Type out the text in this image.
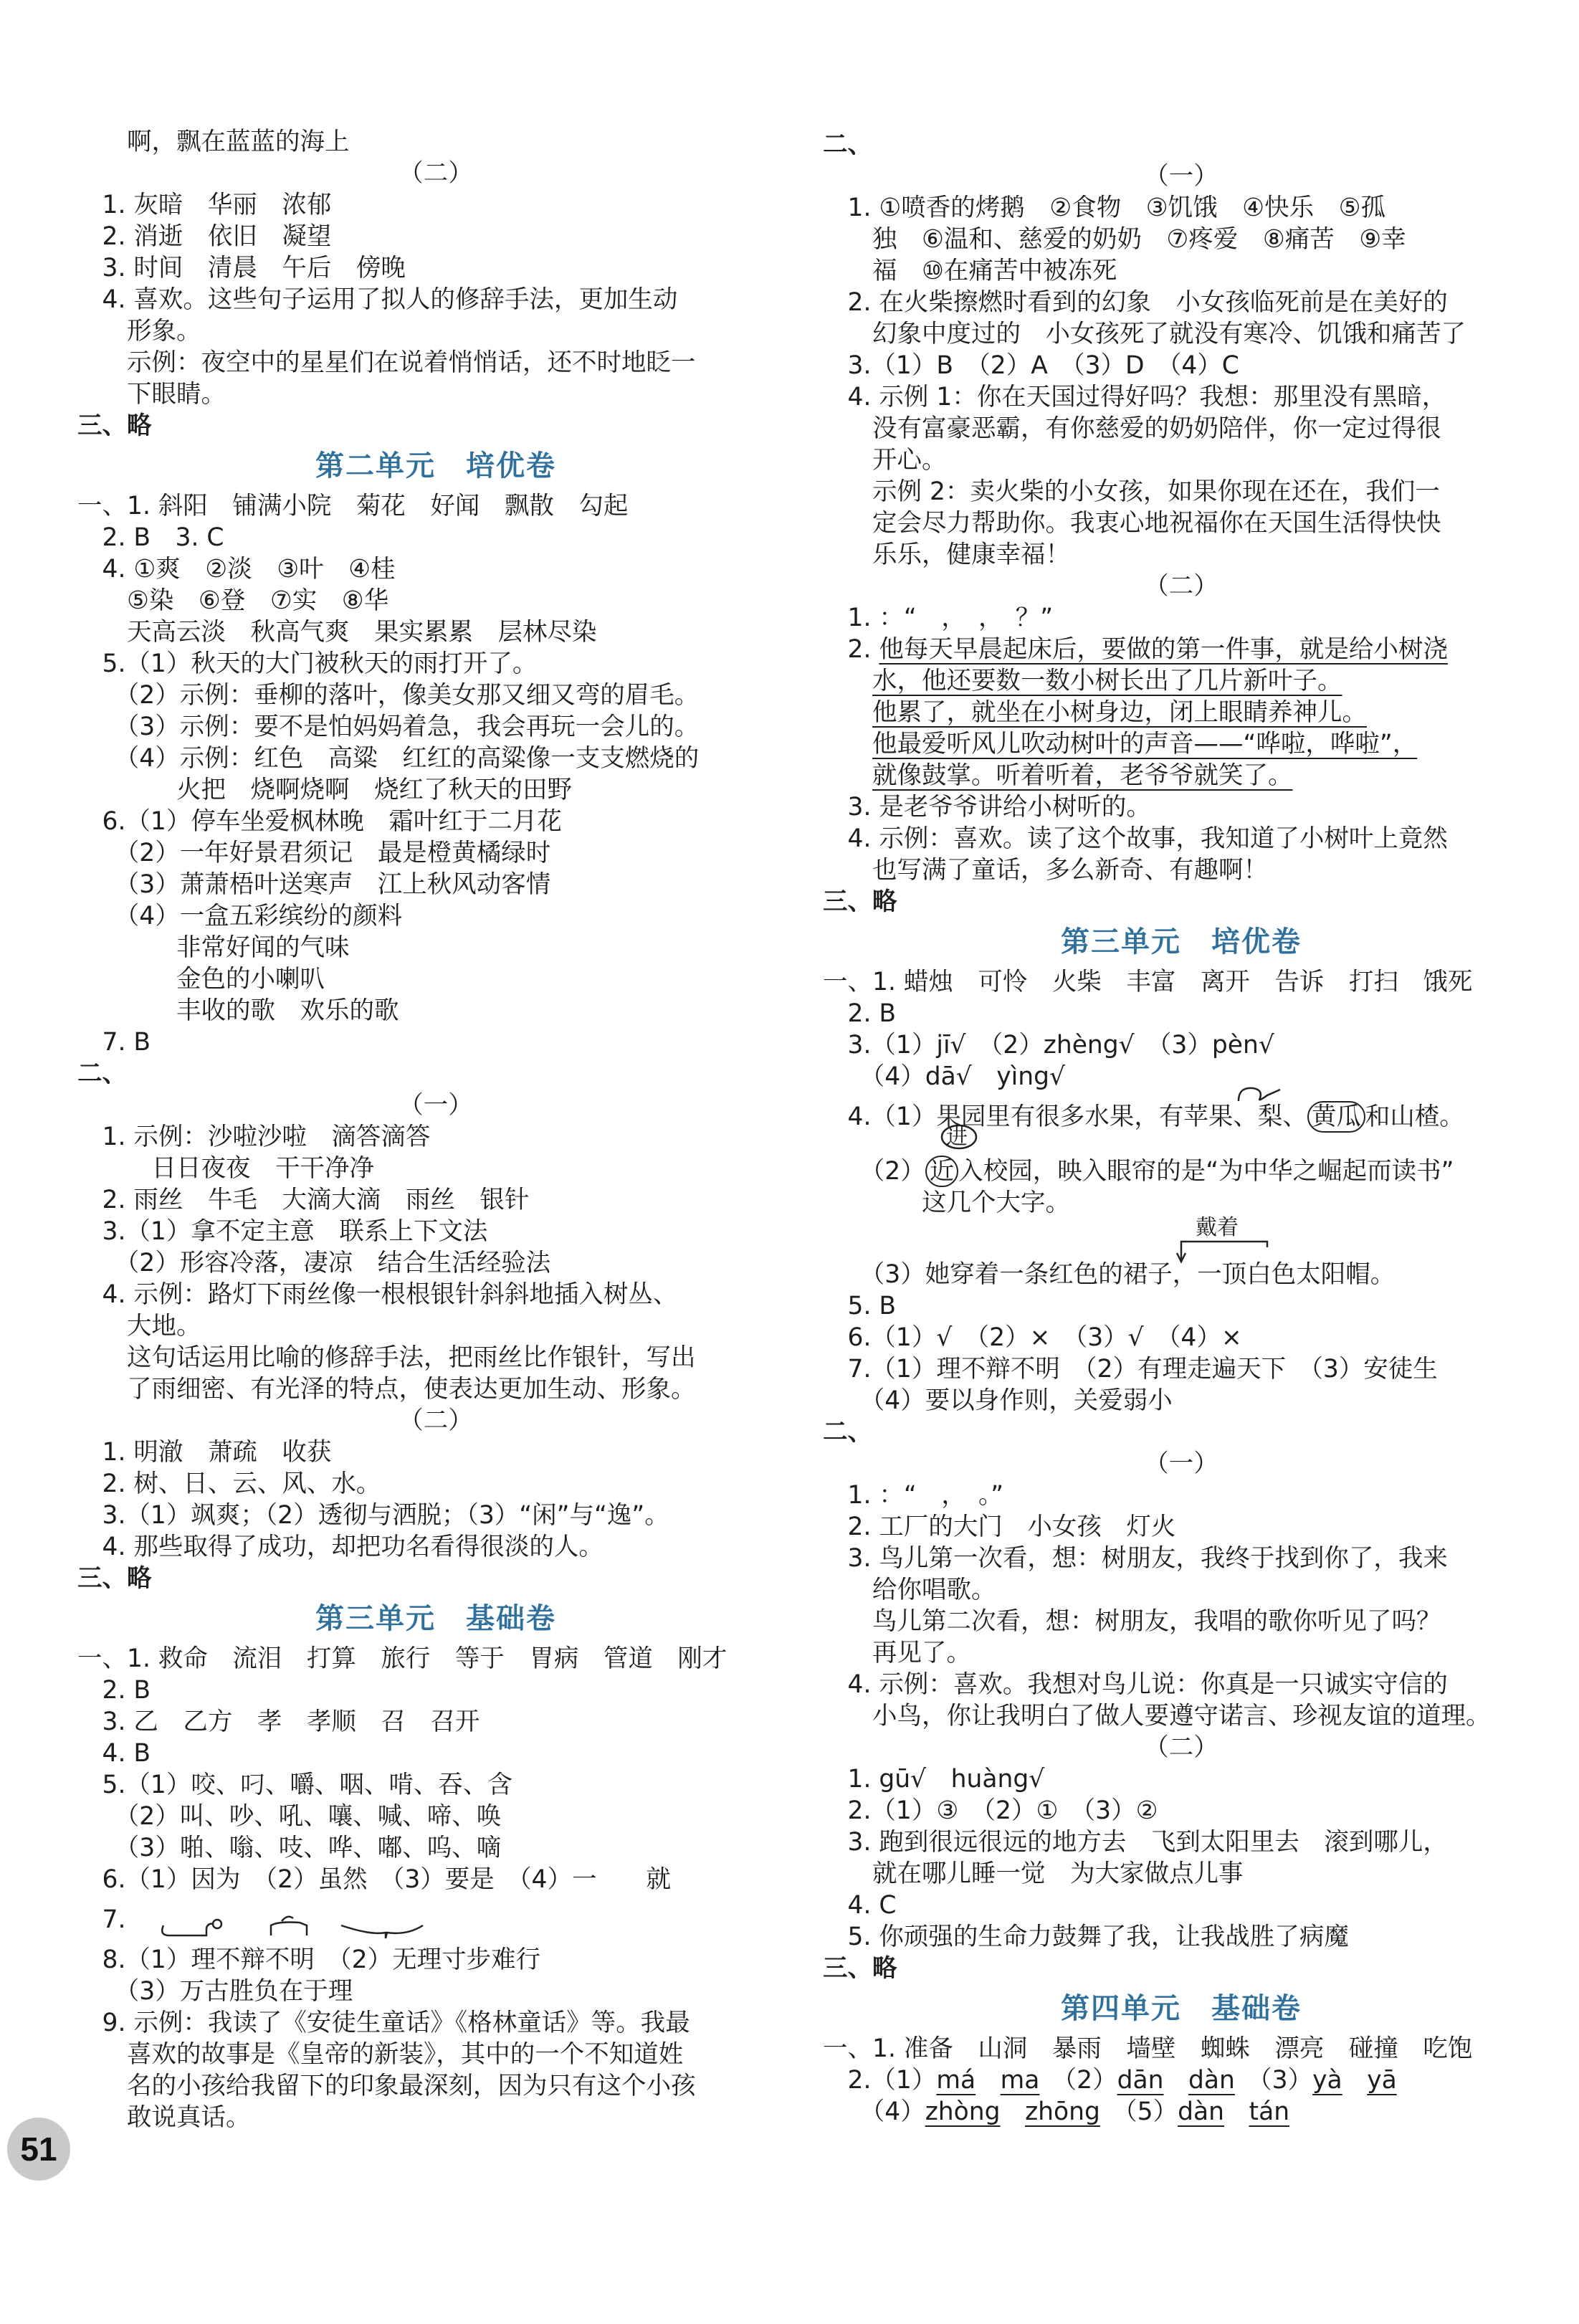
　　啊，飘在蓝蓝的海上
（二）
　1. 灰暗　华丽　浓郁
　2. 消逝　依旧　凝望
　3. 时间　清晨　午后　傍晚
　4. 喜欢。这些句子运用了拟人的修辞手法，更加生动
　　形象。
　　示例：夜空中的星星们在说着悄悄话，还不时地眨一
　　下眼睛。
三、略
第二单元　培优卷
一、1. 斜阳　铺满小院　菊花　好闻　飘散　勾起
　2. B　3. C
　4. ①爽　②淡　③叶　④桂
　　⑤染　⑥登　⑦实　⑧华
　　天高云淡　秋高气爽　果实累累　层林尽染
　5.（1）秋天的大门被秋天的雨打开了。
　　（2）示例：垂柳的落叶，像美女那又细又弯的眉毛。
　　（3）示例：要不是怕妈妈着急，我会再玩一会儿的。
　　（4）示例：红色　高粱　红红的高粱像一支支燃烧的
　　　　火把　烧啊烧啊　烧红了秋天的田野
　6.（1）停车坐爱枫林晚　霜叶红于二月花
　　（2）一年好景君须记　最是橙黄橘绿时
　　（3）萧萧梧叶送寒声　江上秋风动客情
　　（4）一盒五彩缤纷的颜料
　　　　非常好闻的气味
　　　　金色的小喇叭
　　　　丰收的歌　欢乐的歌
　7. B
二、
（一）
　1. 示例：沙啦沙啦　滴答滴答
　　　日日夜夜　干干净净
　2. 雨丝　牛毛　大滴大滴　雨丝　银针
　3.（1）拿不定主意　联系上下文法
　　（2）形容冷落，凄凉　结合生活经验法
　4. 示例：路灯下雨丝像一根根银针斜斜地插入树丛、
　　大地。
　　这句话运用比喻的修辞手法，把雨丝比作银针，写出
　　了雨细密、有光泽的特点，使表达更加生动、形象。
（二）
　1. 明澈　萧疏　收获
　2. 树、日、云、风、水。
　3.（1）飒爽；（2）透彻与洒脱；（3）“闲”与“逸”。
　4. 那些取得了成功，却把功名看得很淡的人。
三、略
第三单元　基础卷
一、1. 救命　流泪　打算　旅行　等于　胃病　管道　刚才
　2. B
　3. 乙　乙方　孝　孝顺　召　召开
　4. B
　5.（1）咬、叼、嚼、咽、啃、吞、含
　　（2）叫、吵、吼、嚷、喊、啼、唤
　　（3）啪、嗡、吱、哗、嘟、呜、嘀
　6.（1）因为　（2）虽然　（3）要是　（4）一　　就
　7.
　8.（1）理不辩不明　（2）无理寸步难行
　　（3）万古胜负在于理
　9. 示例：我读了《安徒生童话》《格林童话》等。我最
　　喜欢的故事是《皇帝的新装》，其中的一个不知道姓
　　名的小孩给我留下的印象最深刻，因为只有这个小孩
　　敢说真话。
二、
（一）
　1. ①喷香的烤鹅　②食物　③饥饿　④快乐　⑤孤
　　独　⑥温和、慈爱的奶奶　⑦疼爱　⑧痛苦　⑨幸
　　福　⑩在痛苦中被冻死
　2. 在火柴擦燃时看到的幻象　小女孩临死前是在美好的
　　幻象中度过的　小女孩死了就没有寒冷、饥饿和痛苦了
　3.（1）B　（2）A　（3）D　（4）C
　4. 示例 1：你在天国过得好吗？我想：那里没有黑暗，
　　没有富豪恶霸，有你慈爱的奶奶陪伴，你一定过得很
　　开心。
　　示例 2：卖火柴的小女孩，如果你现在还在，我们一
　　定会尽力帮助你。我衷心地祝福你在天国生活得快快
　　乐乐，健康幸福！
（二）
　1. ：“　，　，　？”
　2. 他每天早晨起床后，要做的第一件事，就是给小树浇
　　水，他还要数一数小树长出了几片新叶子。
　　他累了，就坐在小树身边，闭上眼睛养神儿。
　　他最爱听风儿吹动树叶的声音——“哗啦，哗啦”，
　　就像鼓掌。听着听着，老爷爷就笑了。
　3. 是老爷爷讲给小树听的。
　4. 示例：喜欢。读了这个故事，我知道了小树叶上竟然
　　也写满了童话，多么新奇、有趣啊！
三、略
第三单元　培优卷
一、1. 蜡烛　可怜　火柴　丰富　离开　告诉　打扫　饿死
　2. B
　3.（1）jī√　（2）zhèng√　（3）pèn√
　　（4）dā√　yìng√
　4.（1）果园里有很多水果，有苹果、梨、 黄瓜 和山楂。
进
　　（2） 近 入校园，映入眼帘的是“为中华之崛起而读书”
　　　　这几个大字。
戴着
　　（3）她穿着一条红色的裙子，一顶白色太阳帽。
　5. B
　6.（1）√　（2）×　（3）√　（4）×
　7.（1）理不辩不明　（2）有理走遍天下　（3）安徒生
　　（4）要以身作则，关爱弱小
二、
（一）
　1. ：“　，　。”
　2. 工厂的大门　小女孩　灯火
　3. 鸟儿第一次看，想：树朋友，我终于找到你了，我来
　　给你唱歌。
　　鸟儿第二次看，想：树朋友，我唱的歌你听见了吗？
　　再见了。
　4. 示例：喜欢。我想对鸟儿说：你真是一只诚实守信的
　　小鸟，你让我明白了做人要遵守诺言、珍视友谊的道理。
（二）
　1. gū√　huàng√
　2.（1）③　（2）①　（3）②
　3. 跑到很远很远的地方去　飞到太阳里去　滚到哪儿，
　　就在哪儿睡一觉　为大家做点儿事
　4. C
　5. 你顽强的生命力鼓舞了我，让我战胜了病魔
三、略
第四单元　基础卷
一、1. 准备　山洞　暴雨　墙壁　蜘蛛　漂亮　碰撞　吃饱
　2.（1）má　 ma　（2）dān　 dàn　（3）yà　 yā
　　（4）zhòng　 zhōng　（5）dàn　 tán
51
